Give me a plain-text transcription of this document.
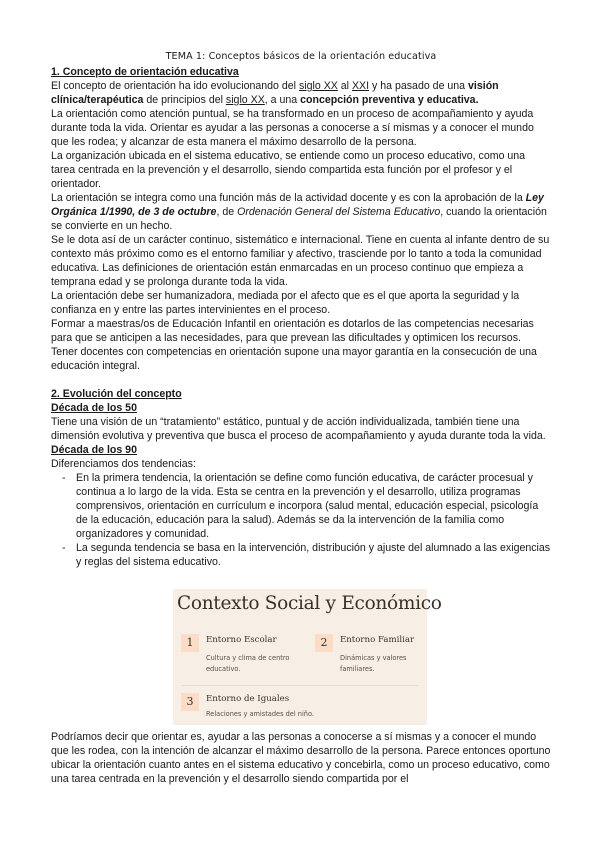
TEMA 1: Conceptos básicos de la orientación educativa

1. Concepto de orientación educativa

El concepto de orientación ha ido evolucionando del siglo XX al XXI y ha pasado de una visión clínica/terapéutica de principios del siglo XX, a una concepción preventiva y educativa.

La orientación como atención puntual, se ha transformado en un proceso de acompañamiento y ayuda durante toda la vida. Orientar es ayudar a las personas a conocerse a sí mismas y a conocer el mundo que les rodea; y alcanzar de esta manera el máximo desarrollo de la persona.

La organización ubicada en el sistema educativo, se entiende como un proceso educativo, como una tarea centrada en la prevención y el desarrollo, siendo compartida esta función por el profesor y el orientador.

La orientación se integra como una función más de la actividad docente y es con la aprobación de la Ley Orgánica 1/1990, de 3 de octubre, de Ordenación General del Sistema Educativo, cuando la orientación se convierte en un hecho.

Se le dota así de un carácter continuo, sistemático e internacional. Tiene en cuenta al infante dentro de su contexto más próximo como es el entorno familiar y afectivo, trasciende por lo tanto a toda la comunidad educativa. Las definiciones de orientación están enmarcadas en un proceso continuo que empieza a temprana edad y se prolonga durante toda la vida.

La orientación debe ser humanizadora, mediada por el afecto que es el que aporta la seguridad y la confianza en y entre las partes intervinientes en el proceso.

Formar a maestras/os de Educación Infantil en orientación es dotarlos de las competencias necesarias para que se anticipen a las necesidades, para que prevean las dificultades y optimicen los recursos.

Tener docentes con competencias en orientación supone una mayor garantía en la consecución de una educación integral.

2. Evolución del concepto

Década de los 50

Tiene una visión de un “tratamiento” estático, puntual y de acción individualizada, también tiene una dimensión evolutiva y preventiva que busca el proceso de acompañamiento y ayuda durante toda la vida.

Década de los 90

Diferenciamos dos tendencias:

- En la primera tendencia, la orientación se define como función educativa, de carácter procesual y continua a lo largo de la vida. Esta se centra en la prevención y el desarrollo, utiliza programas comprensivos, orientación en currículum e incorpora (salud mental, educación especial, psicología de la educación, educación para la salud). Además se da la intervención de la familia como organizadores y comunidad.
- La segunda tendencia se basa en la intervención, distribución y ajuste del alumnado a las exigencias y reglas del sistema educativo.
Contexto Social y Económico
1	Entorno Escolar
Cultura y clima de centro educativo.
2	Entorno Familiar
Dinámicas y valores familiares.
3	Entorno de Iguales
Relaciones y amistades del niño.

Podríamos decir que orientar es, ayudar a las personas a conocerse a sí mismas y a conocer el mundo que les rodea, con la intención de alcanzar el máximo desarrollo de la persona. Parece entonces oportuno ubicar la orientación cuanto antes en el sistema educativo y concebirla, como un proceso educativo, como una tarea centrada en la prevención y el desarrollo siendo compartida por el
